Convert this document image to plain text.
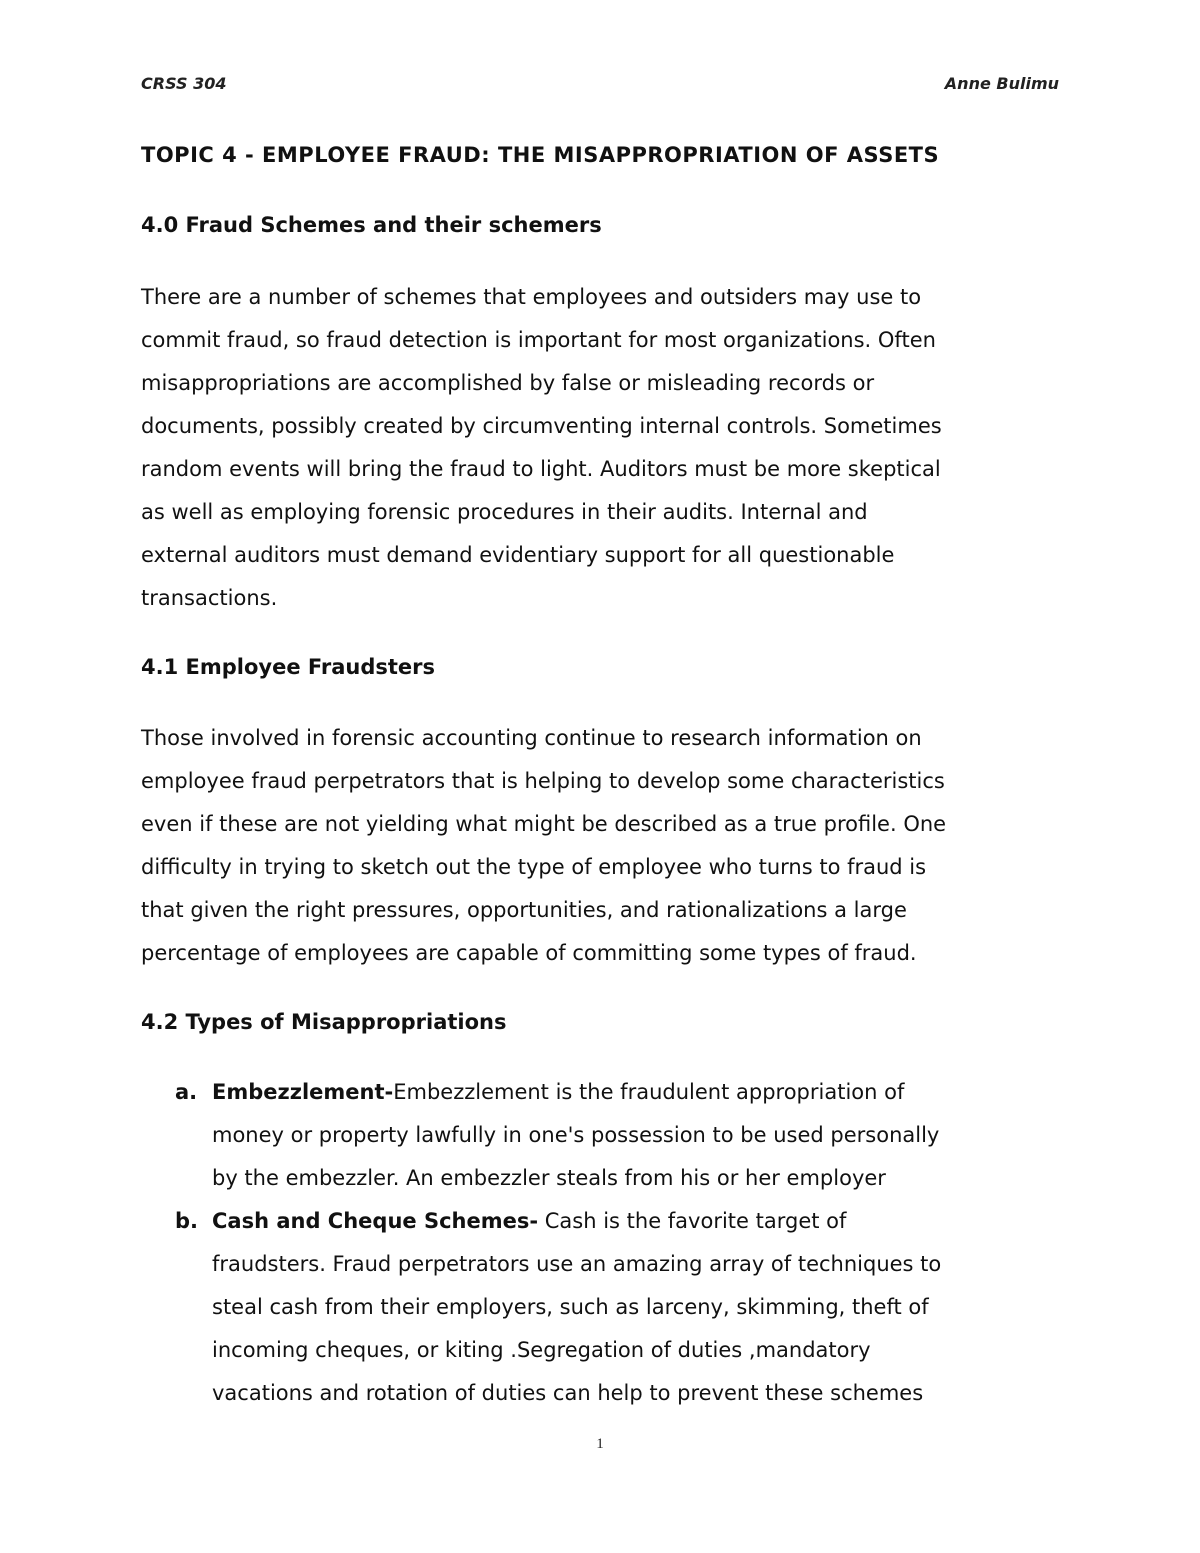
CRSS 304	Anne Bulimu
TOPIC 4 - EMPLOYEE FRAUD: THE MISAPPROPRIATION OF ASSETS
4.0 Fraud Schemes and their schemers
There are a number of schemes that employees and outsiders may use to
commit fraud, so fraud detection is important for most organizations. Often
misappropriations are accomplished by false or misleading records or
documents, possibly created by circumventing internal controls. Sometimes
random events will bring the fraud to light. Auditors must be more skeptical
as well as employing forensic procedures in their audits. Internal and
external auditors must demand evidentiary support for all questionable
transactions.
4.1 Employee Fraudsters
Those involved in forensic accounting continue to research information on
employee fraud perpetrators that is helping to develop some characteristics
even if these are not yielding what might be described as a true profile. One
difficulty in trying to sketch out the type of employee who turns to fraud is
that given the right pressures, opportunities, and rationalizations a large
percentage of employees are capable of committing some types of fraud.
4.2 Types of Misappropriations
a. Embezzlement-Embezzlement is the fraudulent appropriation of
money or property lawfully in one's possession to be used personally
by the embezzler. An embezzler steals from his or her employer
b. Cash and Cheque Schemes- Cash is the favorite target of
fraudsters. Fraud perpetrators use an amazing array of techniques to
steal cash from their employers, such as larceny, skimming, theft of
incoming cheques, or kiting .Segregation of duties ,mandatory
vacations and rotation of duties can help to prevent these schemes
1
